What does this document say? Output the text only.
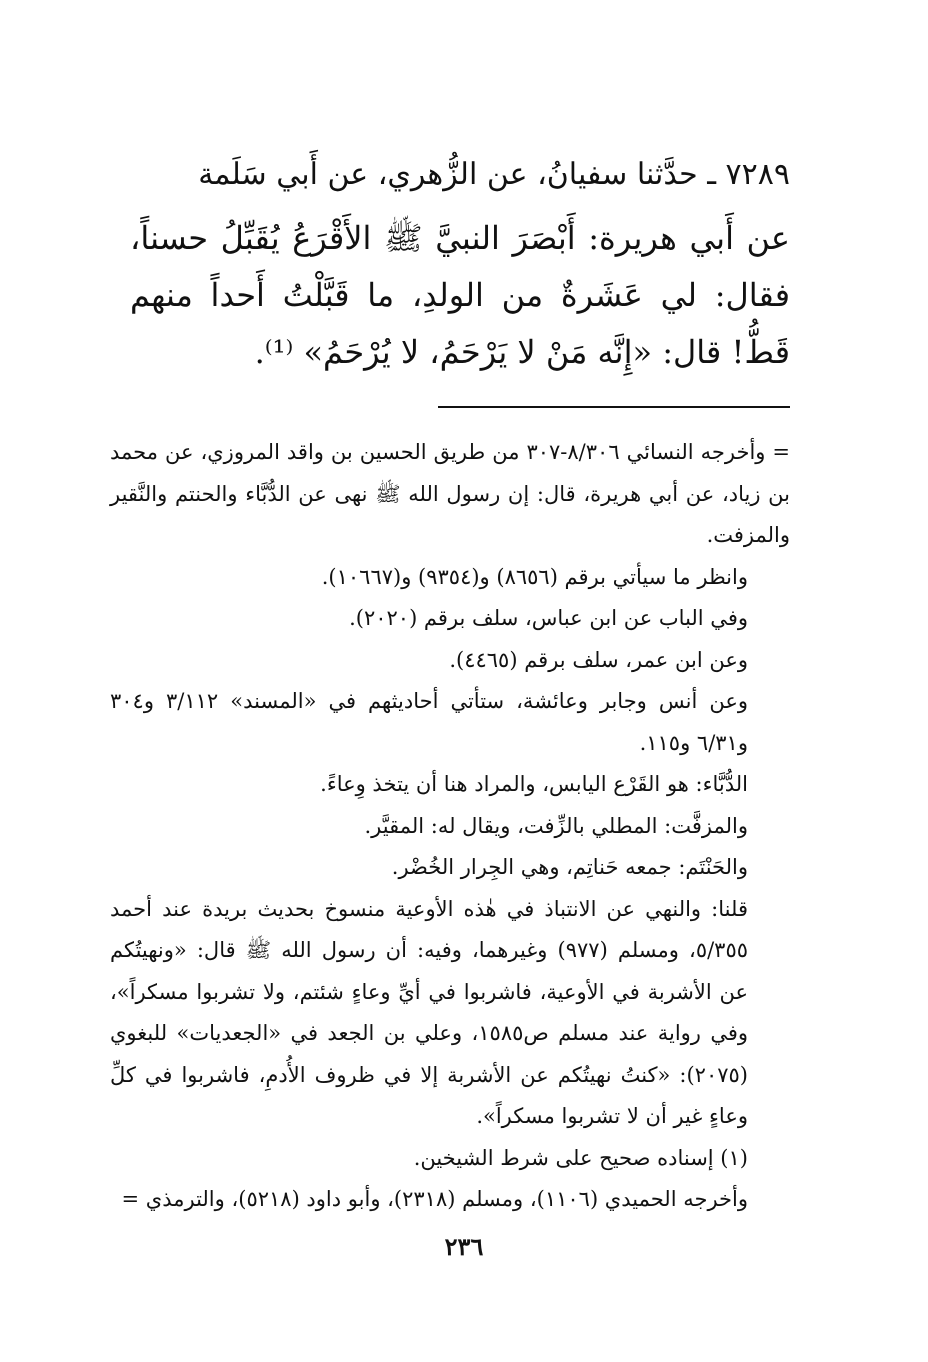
٧٢٨٩ ـ حدَّثنا سفيانُ، عن الزُّهري، عن أَبي سَلَمة
عن أَبي هريرة: أَبْصَرَ النبيَّ ﷺ الأَقْرَعُ يُقَبِّلُ حسناً، فقال: لي عَشَرةٌ من الولدِ، ما قَبَّلْتُ أَحداً منهم قَطُّ! قال: «إِنَّه مَنْ لا يَرْحَمُ، لا يُرْحَمُ» ⁽¹⁾.

= وأخرجه النسائي ٨/٣٠٦-٣٠٧ من طريق الحسين بن واقد المروزي، عن محمد بن زياد، عن أبي هريرة، قال: إن رسول الله ﷺ نهى عن الدُّبَّاء والحنتم والنَّقير والمزفت.

وانظر ما سيأتي برقم (٨٦٥٦) و(٩٣٥٤) و(١٠٦٦٧).

وفي الباب عن ابن عباس، سلف برقم (٢٠٢٠).

وعن ابن عمر، سلف برقم (٤٤٦٥).

وعن أنس وجابر وعائشة، ستأتي أحاديثهم في «المسند» ٣/١١٢ و٣٠٤ و٦/٣١ و١١٥.

الدُّبَّاء: هو القَرْع اليابس، والمراد هنا أن يتخذ وِعاءً.

والمزفَّت: المطلي بالزِّفت، ويقال له: المقيَّر.

والحَنْتَم: جمعه حَناتِم، وهي الجِرار الخُضْر.

قلنا: والنهي عن الانتباذ في هٰذه الأوعية منسوخ بحديث بريدة عند أحمد ٥/٣٥٥، ومسلم (٩٧٧) وغيرهما، وفيه: أن رسول الله ﷺ قال: «ونهيتُكم عن الأشربة في الأوعية، فاشربوا في أيِّ وعاءٍ شئتم، ولا تشربوا مسكراً»، وفي رواية عند مسلم ص١٥٨٥، وعلي بن الجعد في «الجعديات» للبغوي (٢٠٧٥): «كنتُ نهيتُكم عن الأشربة إلا في ظروف الأُدمِ، فاشربوا في كلِّ وعاءٍ غير أن لا تشربوا مسكراً».

(١) إسناده صحيح على شرط الشيخين.

وأخرجه الحميدي (١١٠٦)، ومسلم (٢٣١٨)، وأبو داود (٥٢١٨)، والترمذي =

٢٣٦
